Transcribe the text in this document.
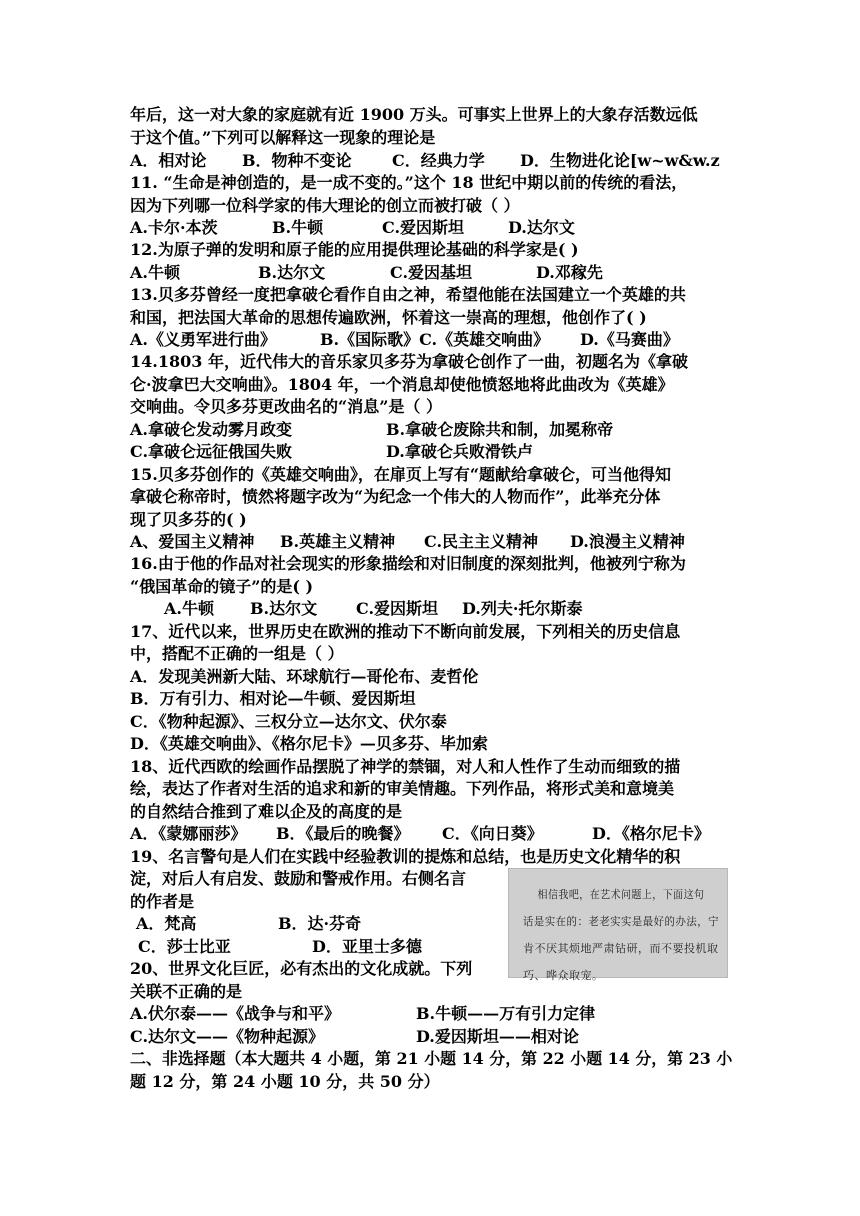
年后，这一对大象的家庭就有近 1900 万头。可事实上世界上的大象存活数远低
于这个值。”下列可以解释这一现象的理论是
A．相对论 B．物种不变论	C．经典力学 D．生物进化论[w~w&w.z
11. “生命是神创造的，是一成不变的。”这个 18 世纪中期以前的传统的看法，
因为下列哪一位科学家的伟大理论的创立而被打破（ ）
A.卡尔·本茨	B.牛顿	C.爱因斯坦	D.达尔文
12.为原子弹的发明和原子能的应用提供理论基础的科学家是( )
A.牛顿	B.达尔文	C.爱因基坦	D.邓稼先
13.贝多芬曾经一度把拿破仑看作自由之神，希望他能在法国建立一个英雄的共
和国，把法国大革命的思想传遍欧洲，怀着这一崇高的理想，他创作了( )
A.《义勇军进行曲》	B.《国际歌》C.《英雄交响曲》 D.《马赛曲》
14.1803 年，近代伟大的音乐家贝多芬为拿破仑创作了一曲，初题名为《拿破
仑·波拿巴大交响曲》。1804 年，一个消息却使他愤怒地将此曲改为《英雄》
交响曲。令贝多芬更改曲名的“消息”是（ ）
A.拿破仑发动雾月政变	B.拿破仑废除共和制，加冕称帝
C.拿破仑远征俄国失败	D.拿破仑兵败滑铁卢
15.贝多芬创作的《英雄交响曲》，在扉页上写有“题献给拿破仑，可当他得知
拿破仑称帝时，愤然将题字改为“为纪念一个伟大的人物而作”，此举充分体
现了贝多芬的( )
A、爱国主义精神 B.英雄主义精神 C.民主主义精神 D.浪漫主义精神
16.由于他的作品对社会现实的形象描绘和对旧制度的深刻批判，他被列宁称为
“俄国革命的镜子”的是( )
A.牛顿 B.达尔文 C.爱因斯坦 D.列夫·托尔斯泰
17、近代以来，世界历史在欧洲的推动下不断向前发展，下列相关的历史信息
中，搭配不正确的一组是（ ）
A．发现美洲新大陆、环球航行—哥伦布、麦哲伦
B．万有引力、相对论—牛顿、爱因斯坦
C．《物种起源》、三权分立—达尔文、伏尔泰
D．《英雄交响曲》、《格尔尼卡》—贝多芬、毕加索
18、近代西欧的绘画作品摆脱了神学的禁锢，对人和人性作了生动而细致的描
绘，表达了作者对生活的追求和新的审美情趣。下列作品，将形式美和意境美
的自然结合推到了难以企及的高度的是
A．《蒙娜丽莎》 B．《最后的晚餐》 C．《向日葵》	D．《格尔尼卡》
19、名言警句是人们在实践中经验教训的提炼和总结，也是历史文化精华的积
淀，对后人有启发、鼓励和警戒作用。右侧名言
的作者是
A．梵高	B．达·芬奇
C．莎士比亚	D．亚里士多德
相信我吧，在艺术问题上，下面这句
话是实在的：老老实实是最好的办法，宁
肯不厌其烦地严肃钻研，而不要投机取
巧、哗众取宠。
20、世界文化巨匠，必有杰出的文化成就。下列
关联不正确的是
A.伏尔泰——《战争与和平》	B.牛顿——万有引力定律
C.达尔文——《物种起源》	D.爱因斯坦——相对论
二、非选择题（本大题共 4 小题，第 21 小题 14 分，第 22 小题 14 分，第 23 小
题 12 分，第 24 小题 10 分，共 50 分）
